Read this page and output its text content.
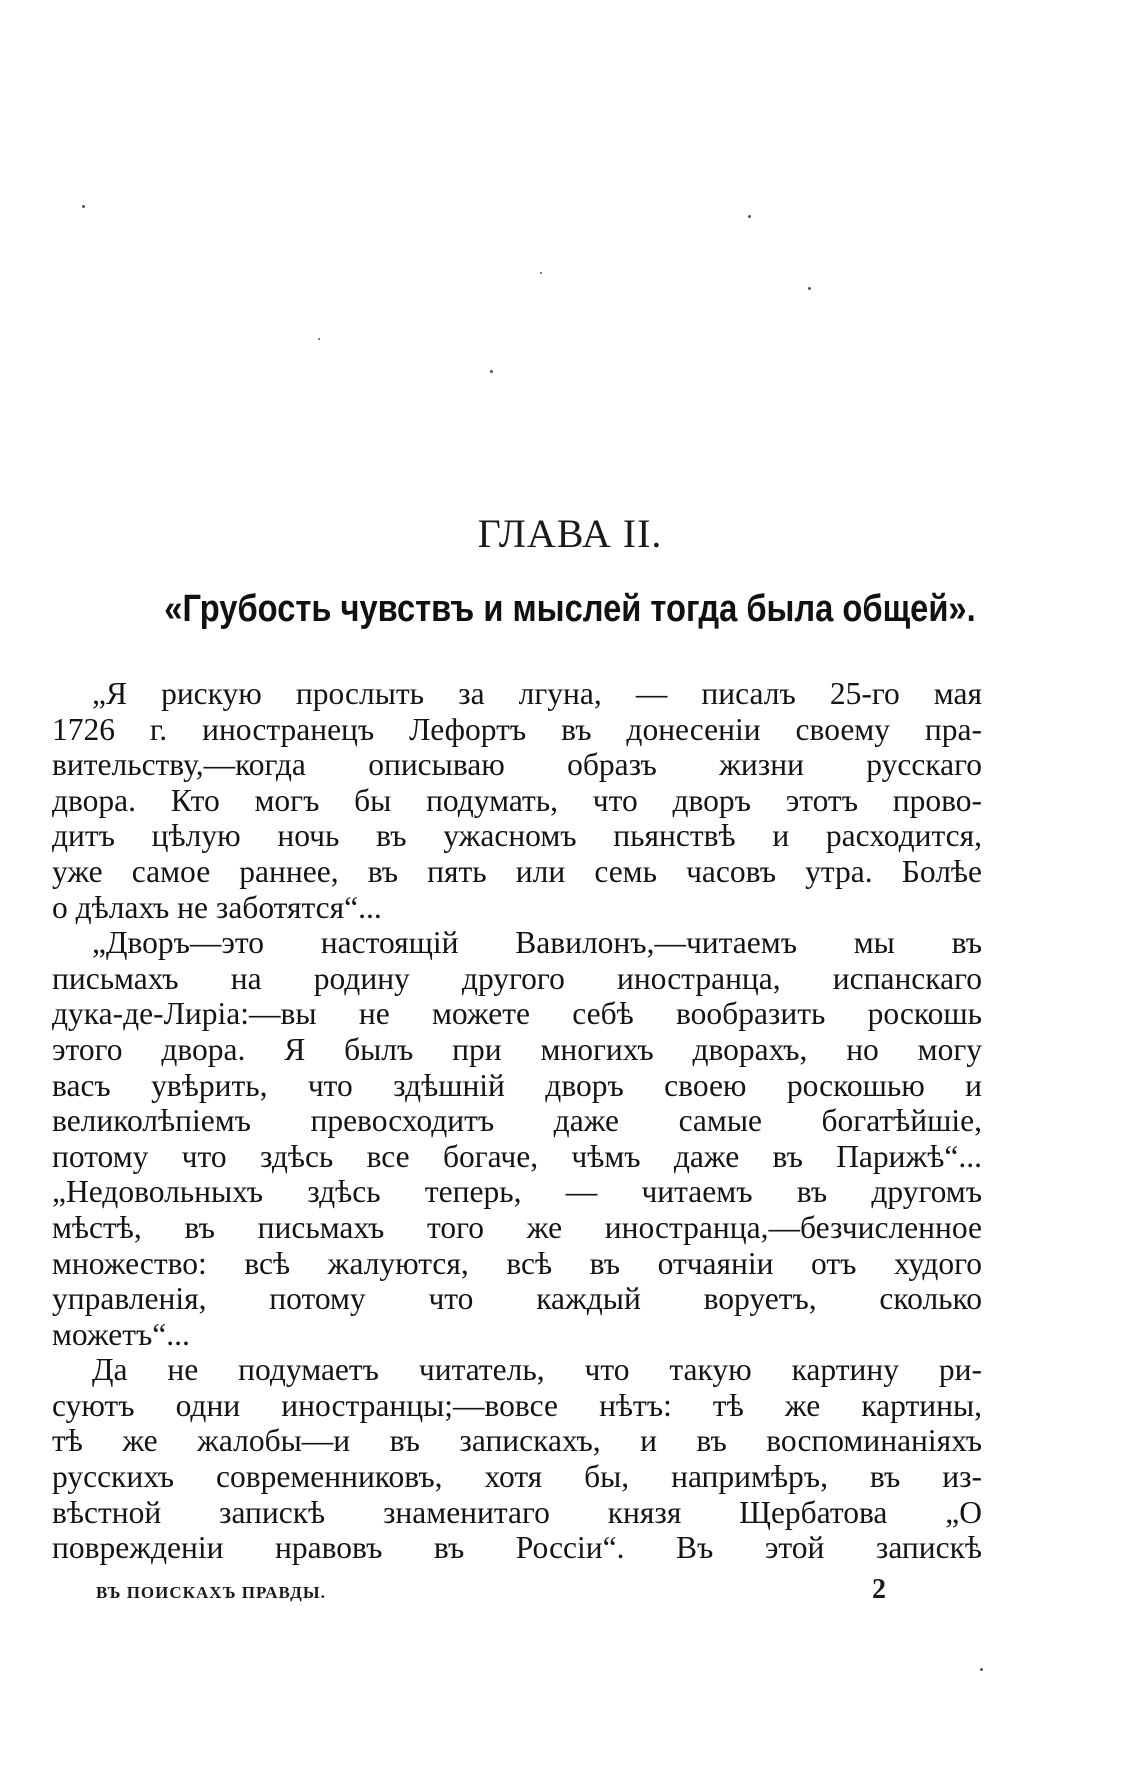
ГЛАВА II.
«Грубость чувствъ и мыслей тогда была общей».
„Я рискую прослыть за лгуна, — писалъ 25-го мая
1726 г. иностранецъ Лефортъ въ донесенiи своему пра-
вительству,—когда описываю образъ жизни русскаго
двора. Кто могъ бы подумать, что дворъ этотъ прово-
дитъ цѣлую ночь въ ужасномъ пьянствѣ и расходится,
уже самое раннее, въ пять или семь часовъ утра. Болѣе
о дѣлахъ не заботятся“...
„Дворъ—это настоящiй Вавилонъ,—читаемъ мы въ
письмахъ на родину другого иностранца, испанскаго
дука-де-Лирiа:—вы не можете себѣ вообразить роскошь
этого двора. Я былъ при многихъ дворахъ, но могу
васъ увѣрить, что здѣшнiй дворъ своею роскошью и
великолѣпiемъ превосходитъ даже самые богатѣйшiе,
потому что здѣсь все богаче, чѣмъ даже въ Парижѣ“...
„Недовольныхъ здѣсь теперь, — читаемъ въ другомъ
мѣстѣ, въ письмахъ того же иностранца,—безчисленное
множество: всѣ жалуются, всѣ въ отчаянiи отъ худого
управленiя, потому что каждый воруетъ, сколько
можетъ“...
Да не подумаетъ читатель, что такую картину ри-
суютъ одни иностранцы;—вовсе нѣтъ: тѣ же картины,
тѣ же жалобы—и въ запискахъ, и въ воспоминанiяхъ
русскихъ современниковъ, хотя бы, напримѣръ, въ из-
вѣстной запискѣ знаменитаго князя Щербатова „О
поврежденiи нравовъ въ Россiи“. Въ этой запискѣ
ВЪ ПОИСКАХЪ ПРАВДЫ.	2
